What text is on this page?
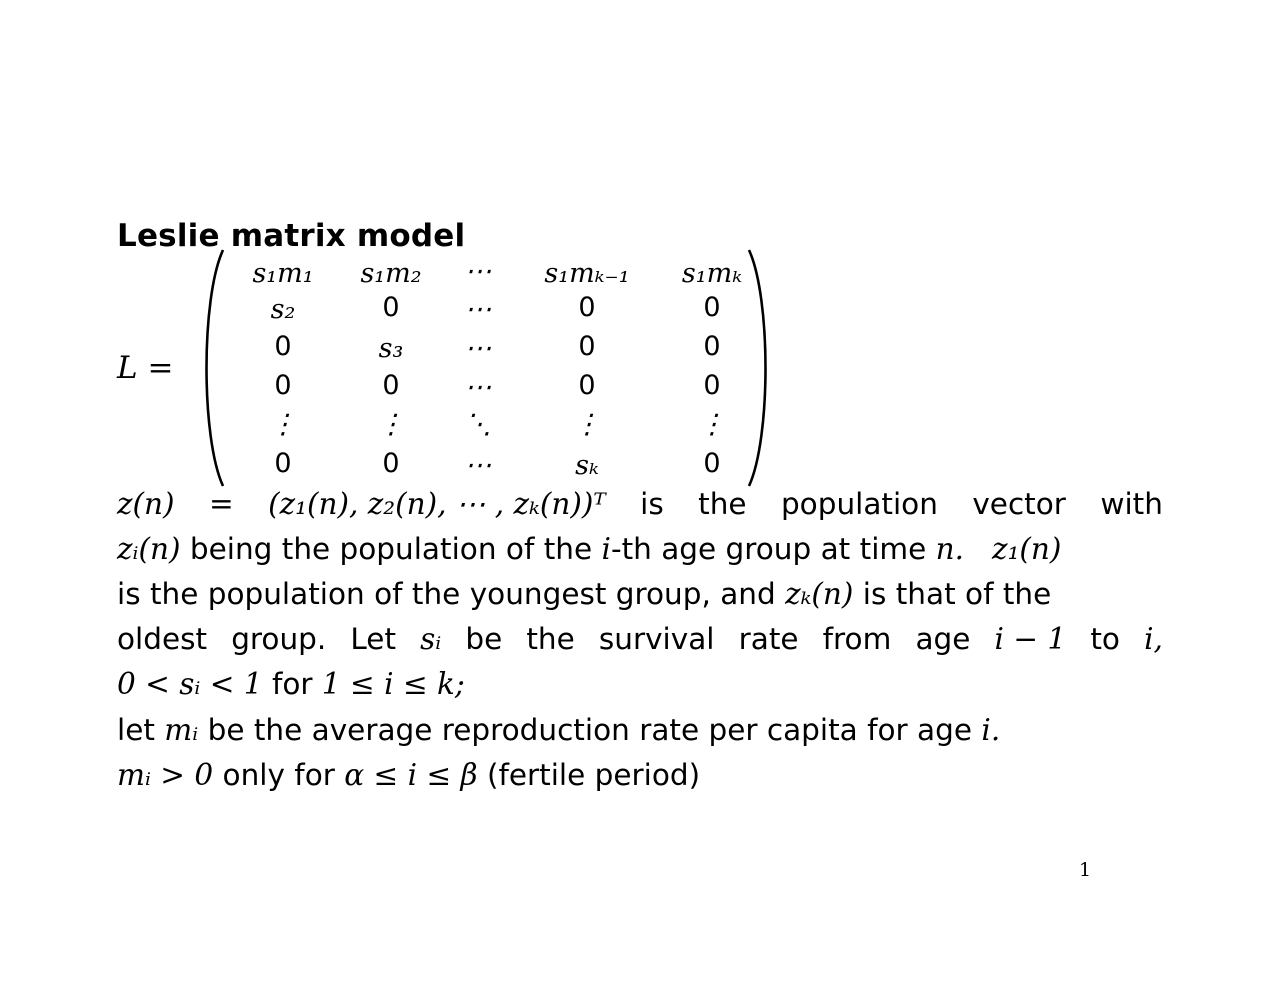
Leslie matrix model
L =
s₁m₁ s₁m₂ ⋯ s₁mₖ₋₁ s₁mₖ
s₂	0 ⋯	0	0
0	s₃ ⋯	0	0
0	0 ⋯	0	0
⋮	⋮ ⋱	⋮	⋮
0	0 ⋯	sₖ	0
z(n) = (z₁(n), z₂(n), ⋯ , zₖ(n))ᵀ is the population vector with
zᵢ(n) being the population of the i-th age group at time n. z₁(n)
is the population of the youngest group, and zₖ(n) is that of the
oldest group. Let sᵢ be the survival rate from age i − 1 to i,
0 < sᵢ < 1 for 1 ≤ i ≤ k;
let mᵢ be the average reproduction rate per capita for age i.
mᵢ > 0 only for α ≤ i ≤ β (fertile period)
1
